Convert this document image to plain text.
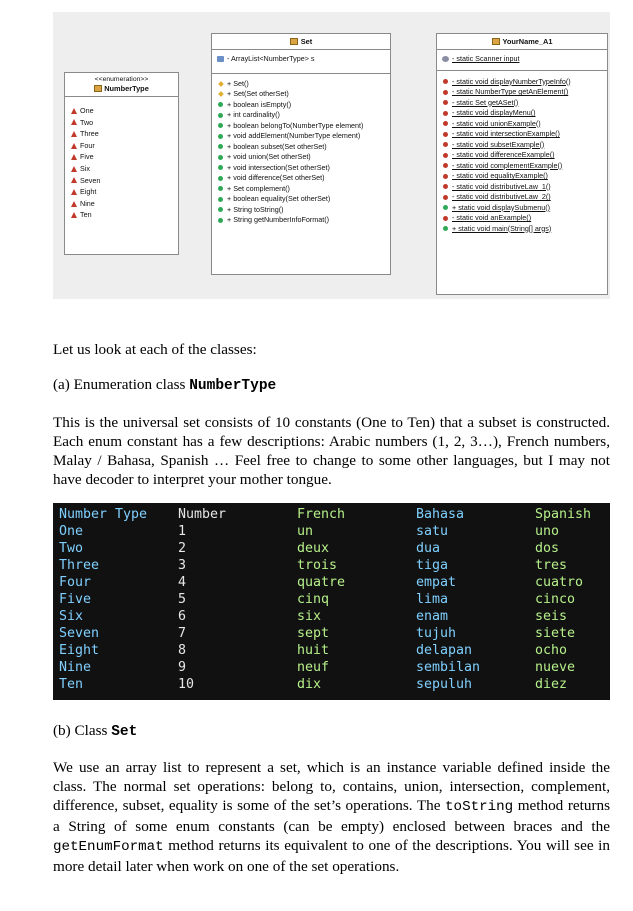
<<enumeration>>
NumberType
One
Two
Three
Four
Five
Six
Seven
Eight
Nine
Ten
Set
- ArrayList<NumberType> s
+ Set()
+ Set(Set otherSet)
+ boolean isEmpty()
+ int cardinality()
+ boolean belongTo(NumberType element)
+ void addElement(NumberType element)
+ boolean subset(Set otherSet)
+ void union(Set otherSet)
+ void intersection(Set otherSet)
+ void difference(Set otherSet)
+ Set complement()
+ boolean equality(Set otherSet)
+ String toString()
+ String getNumberInfoFormat()
YourName_A1
- static Scanner input
- static void displayNumberTypeInfo()
- static NumberType getAnElement()
- static Set getASet()
- static void displayMenu()
- static void unionExample()
- static void intersectionExample()
- static void subsetExample()
- static void differenceExample()
- static void complementExample()
- static void equalityExample()
- static void distributiveLaw_1()
- static void distributiveLaw_2()
+ static void displaySubmenu()
- static void anExample()
+ static void main(String[] args)

Let us look at each of the classes:

(a) Enumeration class NumberType

This is the universal set consists of 10 constants (One to Ten) that a subset is constructed. Each enum constant has a few descriptions: Arabic numbers (1, 2, 3…), French numbers, Malay / Bahasa, Spanish … Feel free to change to some other languages, but I may not have decoder to interpret your mother tongue.

Number Type
One
Two
Three
Four
Five
Six
Seven
Eight
Nine
Ten
Number
1
2
3
4
5
6
7
8
9
10
French
un
deux
trois
quatre
cinq
six
sept
huit
neuf
dix
Bahasa
satu
dua
tiga
empat
lima
enam
tujuh
delapan
sembilan
sepuluh
Spanish
uno
dos
tres
cuatro
cinco
seis
siete
ocho
nueve
diez

(b) Class Set

We use an array list to represent a set, which is an instance variable defined inside the class. The normal set operations: belong to, contains, union, intersection, complement, difference, subset, equality is some of the set’s operations. The toString method returns a String of some enum constants (can be empty) enclosed between braces and the getEnumFormat method returns its equivalent to one of the descriptions. You will see in more detail later when work on one of the set operations.
